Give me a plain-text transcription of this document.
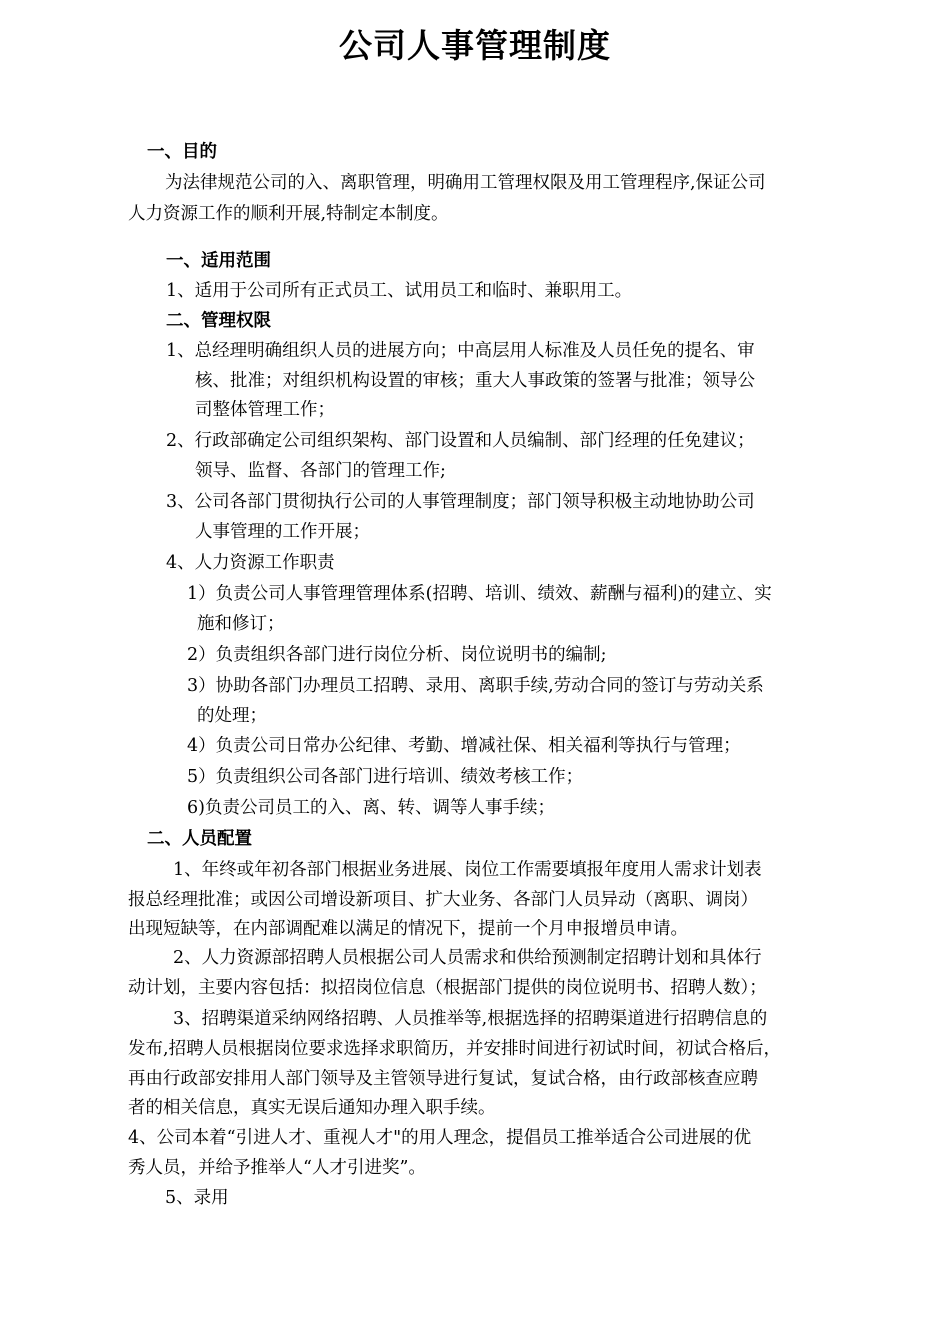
公司人事管理制度
一、目的
为法律规范公司的入、离职管理，明确用工管理权限及用工管理程序,保证公司
人力资源工作的顺利开展,特制定本制度。
一、适用范围
1、适用于公司所有正式员工、试用员工和临时、兼职用工。
二、管理权限
1、总经理明确组织人员的进展方向；中高层用人标准及人员任免的提名、审
核、批准；对组织机构设置的审核；重大人事政策的签署与批准；领导公
司整体管理工作；
2、行政部确定公司组织架构、部门设置和人员编制、部门经理的任免建议；
领导、监督、各部门的管理工作;
3、公司各部门贯彻执行公司的人事管理制度；部门领导积极主动地协助公司
人事管理的工作开展；
4、人力资源工作职责
1）负责公司人事管理管理体系(招聘、培训、绩效、薪酬与福利)的建立、实
施和修订；
2）负责组织各部门进行岗位分析、岗位说明书的编制;
3）协助各部门办理员工招聘、录用、离职手续,劳动合同的签订与劳动关系
的处理；
4）负责公司日常办公纪律、考勤、增减社保、相关福利等执行与管理；
5）负责组织公司各部门进行培训、绩效考核工作；
6)负责公司员工的入、离、转、调等人事手续；
二、人员配置
1、年终或年初各部门根据业务进展、岗位工作需要填报年度用人需求计划表
报总经理批准；或因公司增设新项目、扩大业务、各部门人员异动（离职、调岗）
出现短缺等，在内部调配难以满足的情况下，提前一个月申报增员申请。
2、人力资源部招聘人员根据公司人员需求和供给预测制定招聘计划和具体行
动计划，主要内容包括：拟招岗位信息（根据部门提供的岗位说明书、招聘人数）；
3、招聘渠道采纳网络招聘、人员推举等,根据选择的招聘渠道进行招聘信息的
发布,招聘人员根据岗位要求选择求职简历，并安排时间进行初试时间，初试合格后，
再由行政部安排用人部门领导及主管领导进行复试，复试合格，由行政部核查应聘
者的相关信息，真实无误后通知办理入职手续。
4、公司本着“引进人才、重视人才"的用人理念，提倡员工推举适合公司进展的优
秀人员，并给予推举人“人才引进奖”。
5、录用
